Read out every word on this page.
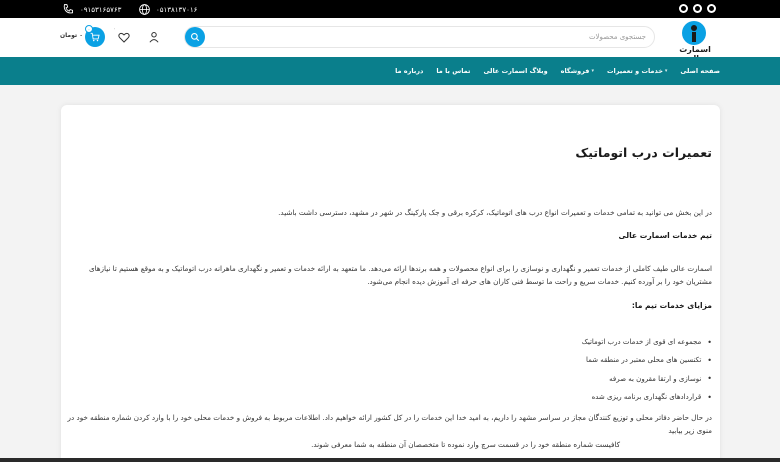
۰۹۱۵۳۱۶۵۷۶۳	۰۵۱۳۸۱۳۷۰۱۶
اسمارت
جستجوی محصولات
۰
۰
۰ تومان
صفحه اصلی
خدمات و تعمیرات ▾
فروشگاه ▾
وبلاگ اسمارت عالی
تماس با ما
درباره ما
تعمیرات درب اتوماتیک

در این بخش می توانید به تمامی خدمات و تعمیرات انواع درب های اتوماتیک، کرکره برقی و جک پارکینگ در شهر در مشهد، دسترسی داشت باشید.

تیم خدمات اسمارت عالی

اسمارت عالی طیف کاملی از خدمات تعمیر و نگهداری و نوسازی را برای انواع محصولات و همه برندها ارائه می‌دهد. ما متعهد به ارائه خدمات و تعمیر و نگهداری ماهرانه درب اتوماتیک و به موقع هستیم تا نیازهای مشتریان خود را بر آورده کنیم. خدمات سریع و راحت ما توسط فنی کاران های حرفه ای آموزش دیده انجام می‌شود.

مزایای خدمات تیم ما:
• مجموعه ای قوی از خدمات درب اتوماتیک
• تکنسین های محلی معتبر در منطقه شما
• نوسازی و ارتقا مقرون به صرفه
• قراردادهای نگهداری برنامه ریزی شده

در حال حاضر دفاتر محلی و توزیع کنندگان مجاز در سراسر مشهد را داریم، به امید خدا این خدمات را در کل کشور ارائه خواهیم داد. اطلاعات مربوط به فروش و خدمات محلی خود را با وارد کردن شماره منطقه خود در منوی زیر بیابید

کافیست شماره منطقه خود را در قسمت سرچ وارد نموده تا متخصصان آن منطقه به شما معرفی شوند.
